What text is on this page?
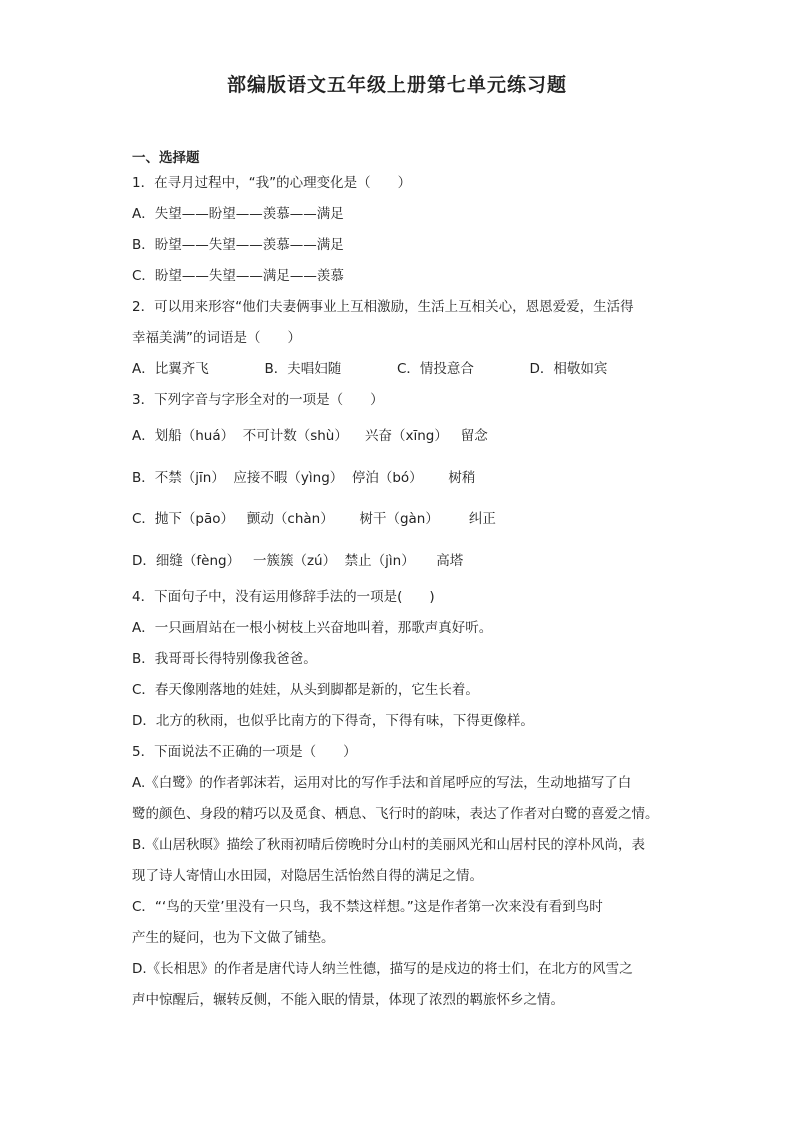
部编版语文五年级上册第七单元练习题
一、选择题
1．在寻月过程中，“我”的心理变化是（　　）
A．失望——盼望——羡慕——满足
B．盼望——失望——羡慕——满足
C．盼望——失望——满足——羡慕
2．可以用来形容“他们夫妻俩事业上互相激励，生活上互相关心，恩恩爱爱，生活得
幸福美满”的词语是（　　）
A．比翼齐飞	B．夫唱妇随	C．情投意合	D．相敬如宾
3．下列字音与字形全对的一项是（　　）
A．划船（huá）  不可计数（shù）    兴奋（xīng）   留念
B．不禁（jīn）  应接不暇（yìng）  停泊（bó）      树稍
C．抛下（pāo）   颤动（chàn）      树干（gàn）       纠正
D．细缝（fèng）   一簇簇（zú）  禁止（jìn）     高塔
4．下面句子中，没有运用修辞手法的一项是(　　)
A．一只画眉站在一根小树枝上兴奋地叫着，那歌声真好听。
B．我哥哥长得特别像我爸爸。
C．春天像刚落地的娃娃，从头到脚都是新的，它生长着。
D．北方的秋雨，也似乎比南方的下得奇，下得有味，下得更像样。
5．下面说法不正确的一项是（　　）
A.《白鹭》的作者郭沫若，运用对比的写作手法和首尾呼应的写法，生动地描写了白
鹭的颜色、身段的精巧以及觅食、栖息、飞行时的韵味，表达了作者对白鹭的喜爱之情。
B.《山居秋暝》描绘了秋雨初晴后傍晚时分山村的美丽风光和山居村民的淳朴风尚，表
现了诗人寄情山水田园，对隐居生活怡然自得的满足之情。
C．“‘鸟的天堂’里没有一只鸟，我不禁这样想。”这是作者第一次来没有看到鸟时
产生的疑问，也为下文做了铺垫。
D.《长相思》的作者是唐代诗人纳兰性德，描写的是戍边的将士们，在北方的风雪之
声中惊醒后，辗转反侧，不能入眠的情景，体现了浓烈的羁旅怀乡之情。
